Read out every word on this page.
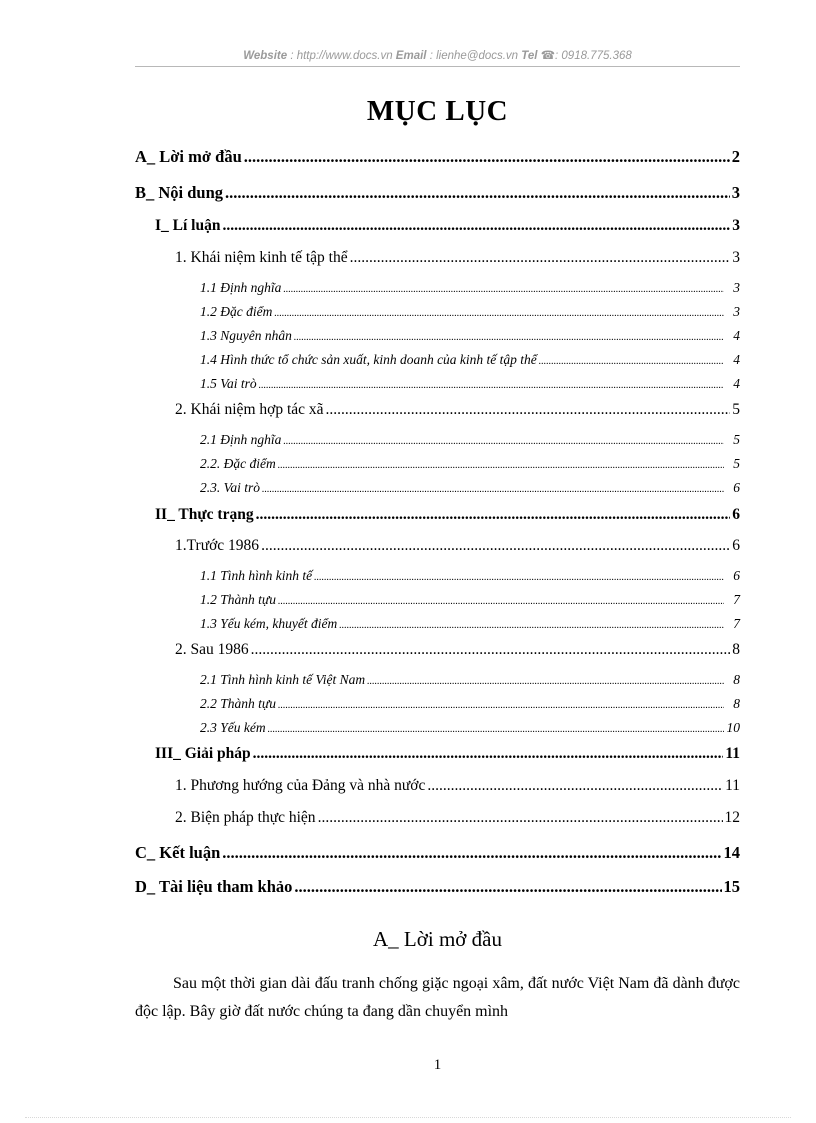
Website : http://www.docs.vn Email : lienhe@docs.vn Tel ☎: 0918.775.368
MỤC LỤC
A_ Lời mở đầu .....	2
B_ Nội dung .....	3
I_ Lí luận .....	3
1. Khái niệm kinh tế tập thể .....	3
1.1 Định nghĩa .....	3
1.2 Đặc điểm .....	3
1.3 Nguyên nhân .....	4
1.4 Hình thức tổ chức sản xuất, kinh doanh của kinh tế tập thể .....	4
1.5 Vai trò .....	4
2. Khái niệm hợp tác xã .....	5
2.1 Định nghĩa .....	5
2.2. Đặc điểm .....	5
2.3. Vai trò .....	6
II_ Thực trạng .....	6
1.Trước 1986 .....	6
1.1 Tình hình kinh tế .....	6
1.2 Thành tựu .....	7
1.3 Yếu kém, khuyết điểm .....	7
2. Sau 1986 .....	8
2.1 Tình hình kinh tế Việt Nam .....	8
2.2 Thành tựu .....	8
2.3 Yếu kém .....	10
III_ Giải pháp .....	11
1. Phương hướng của Đảng và nhà nước .....	11
2. Biện pháp thực hiện .....	12
C_ Kết luận .....	14
D_ Tài liệu tham khảo .....	15
A_ Lời mở đầu
Sau một thời gian dài đấu tranh chống giặc ngoại xâm, đất nước Việt Nam đã dành được độc lập. Bây giờ đất nước chúng ta đang dần chuyển mình
1
